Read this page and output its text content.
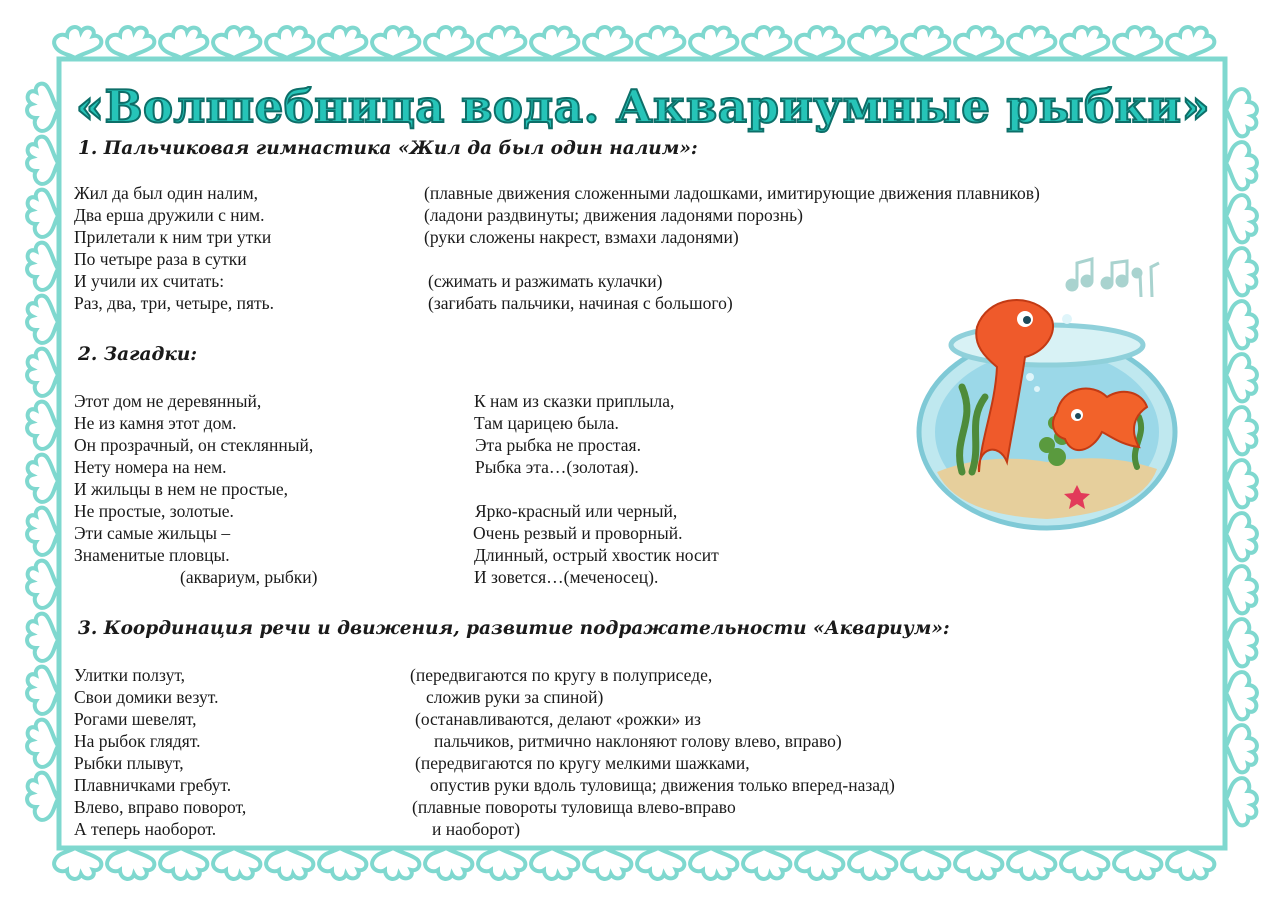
«Волшебница вода. Аквариумные рыбки»
1. Пальчиковая гимнастика «Жил да был один налим»:
Жил да был один налим,
Два ерша дружили с ним.
Прилетали к ним три утки
По четыре раза в сутки
И учили их считать:
Раз, два, три, четыре, пять.
(плавные движения сложенными ладошками, имитирующие движения плавников)
(ладони раздвинуты; движения ладонями порознь)
(руки сложены накрест, взмахи ладонями)
(сжимать и разжимать кулачки)
(загибать пальчики, начиная с большого)
2. Загадки:
Этот дом не деревянный,
Не из камня этот дом.
Он прозрачный, он стеклянный,
Нету номера на нем.
И жильцы в нем не простые,
Не простые, золотые.
Эти самые жильцы –
Знаменитые пловцы.
(аквариум, рыбки)
К нам из сказки приплыла,
Там царицею была.
Эта рыбка не простая.
Рыбка эта…(золотая).
Ярко-красный или черный,
Очень резвый и проворный.
Длинный, острый хвостик носит
И зовется…(меченосец).
3. Координация речи и движения, развитие подражательности «Аквариум»:
Улитки ползут,
Свои домики везут.
Рогами шевелят,
На рыбок глядят.
Рыбки плывут,
Плавничками гребут.
Влево, вправо поворот,
А теперь наоборот.
(передвигаются по кругу в полуприседе,
сложив руки за спиной)
(останавливаются, делают «рожки» из
пальчиков, ритмично наклоняют голову влево, вправо)
(передвигаются по кругу мелкими шажками,
опустив руки вдоль туловища; движения только вперед-назад)
(плавные повороты туловища влево-вправо
и наоборот)
